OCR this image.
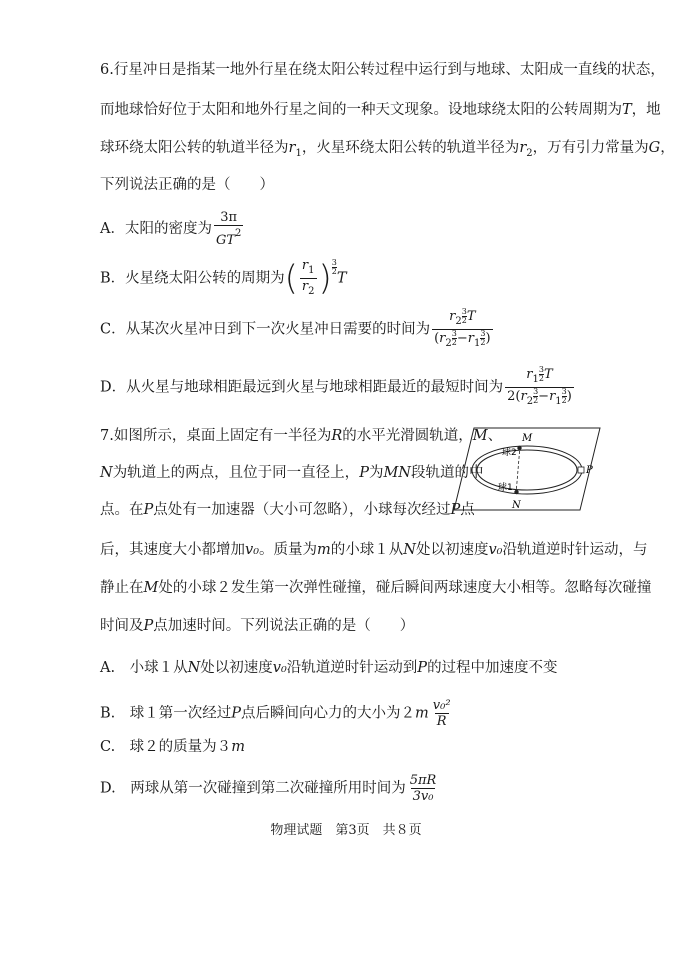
6.行星冲日是指某一地外行星在绕太阳公转过程中运行到与地球、太阳成一直线的状态，
而地球恰好位于太阳和地外行星之间的一种天文现象。设地球绕太阳的公转周期为T，地
球环绕太阳公转的轨道半径为$r_1$，火星环绕太阳公转的轨道半径为$r_2$，万有引力常量为G，
下列说法正确的是（　　）
A．太阳的密度为 $\frac{3\pi}{GT^2}$
B．火星绕太阳公转的周期为( $\frac{r_1}{r_2}$ ) $\frac{3}{2}$
T
C．从某次火星冲日到下一次火星冲日需要的时间为 $\frac{r_2 \frac{3}{2} T}{(r_2 \frac{3}{2} -r_1 \frac{3}{2} )}$
D．从火星与地球相距最远到火星与地球相距最近的最短时间为 $\frac{r_1 \frac{3}{2} T}{2(r_2 \frac{3}{2} -r_1 \frac{3}{2} )}$
7.如图所示，桌面上固定有一半径为R的水平光滑圆轨道，M、
N为轨道上的两点，且位于同一直径上，P为MN段轨道的中
点。在P点处有一加速器（大小可忽略），小球每次经过P点
后，其速度大小都增加v₀。质量为m的小球１从N处以初速度v₀沿轨道逆时针运动，与
静止在M处的小球２发生第一次弹性碰撞，碰后瞬间两球速度大小相等。忽略每次碰撞
时间及P点加速时间。下列说法正确的是（　　）
A.　小球１从N处以初速度v₀沿轨道逆时针运动到P的过程中加速度不变
B.　球１第一次经过P点后瞬间向心力的大小为$2m \frac{\text{v₀²}}{R}$
C.　球２的质量为３m
D.　两球从第一次碰撞到第二次碰撞所用时间为 $\frac{5\pi R}{\text{3v₀}}$
M
N
P
球2
球1
物理试题　第3页　共８页
